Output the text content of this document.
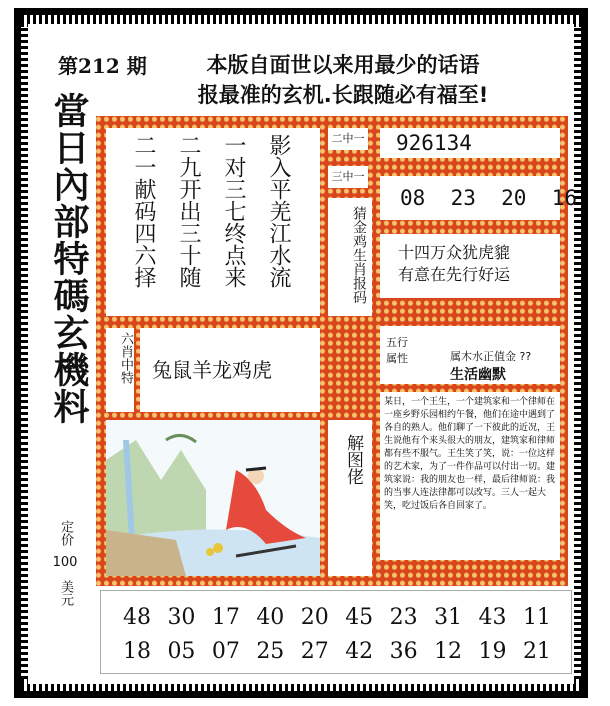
第212 期	本版自面世以来用最少的话语
报最准的玄机.长跟随必有福至!
當日內部特碼玄機料
定价
100
美元
影入平羌江水流
一对三七终点来
二九开出三十随
二一献码四六择	二中一	926134
三中一
08  23  20  16
猜金鸡生肖报码 十四万众犹虎貔
有意在先行好运
六肖中特 兔鼠羊龙鸡虎
五行
属性	属木水正值金 ??
生活幽默
某日，一个王生，一个建筑家和一个律师在一座乡野乐园相约午餐，他们在途中遇到了各自的熟人。他们聊了一下彼此的近况，王生说他有个来头很大的朋友，建筑家和律师都有些不服气。王生笑了笑，说：一位这样的艺术家，为了一件作品可以付出一切。建筑家说：我的朋友也一样，最后律师说：我的当事人连法律都可以改写。三人一起大笑，吃过饭后各自回家了。
解图佬
48 30 17 40 20 45 23 31 43 11
18 05 07 25 27 42 36 12 19 21
